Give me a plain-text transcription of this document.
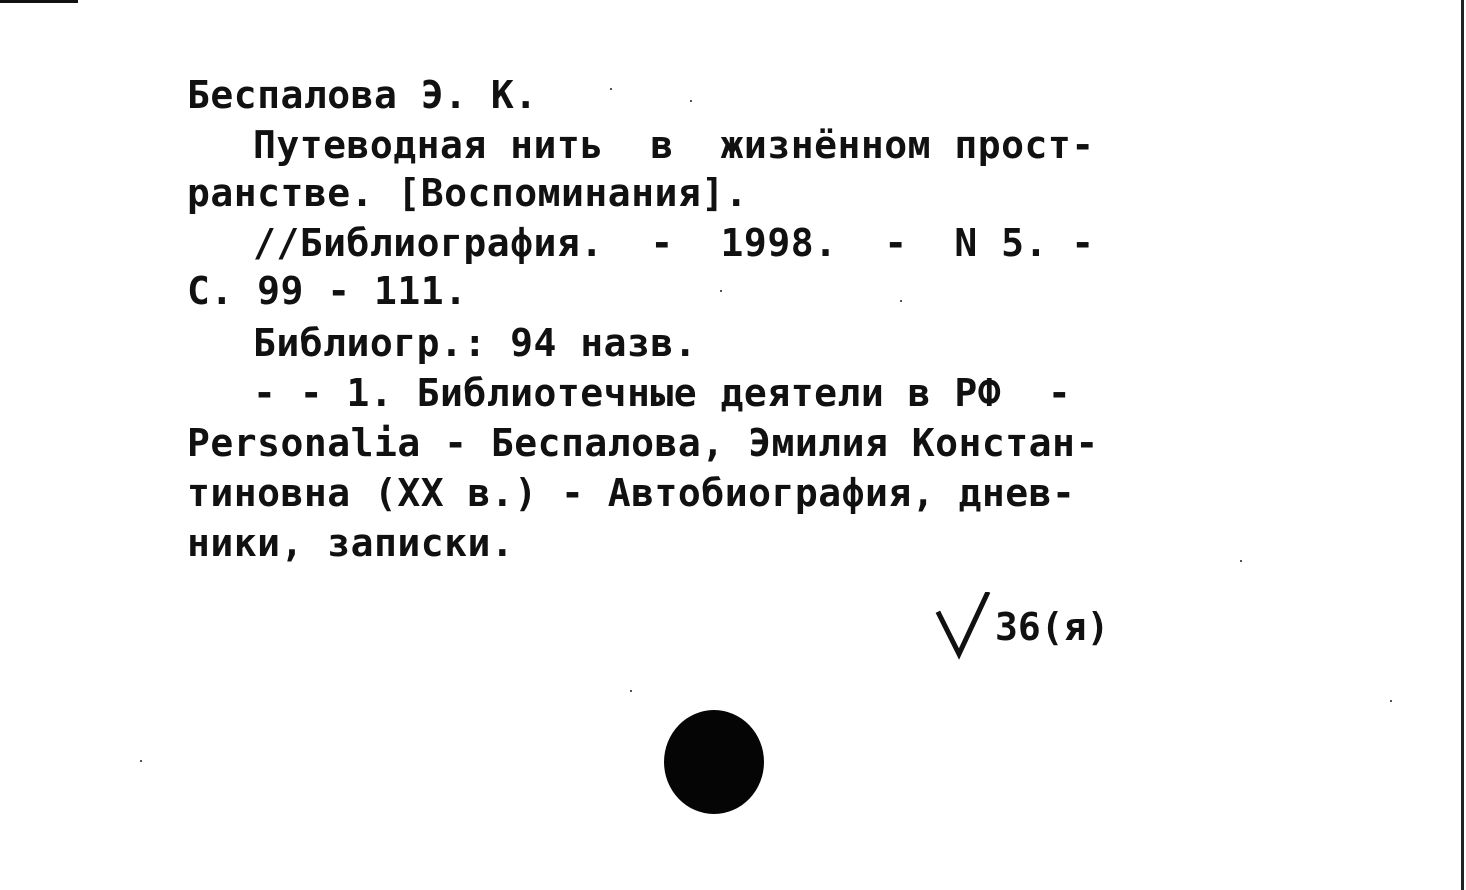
Беспалова Э. К.
Путеводная нить  в  жизнённом прост-
ранстве. [Воспоминания].
//Библиография.  -  1998.  -  N 5. -
С. 99 - 111.
Библиогр.: 94 назв.
- - 1. Библиотечные деятели в РФ  -
Personalia - Беспалова, Эмилия Констан-
тиновна (XX в.) - Автобиография, днев-
ники, записки.
36(я)
